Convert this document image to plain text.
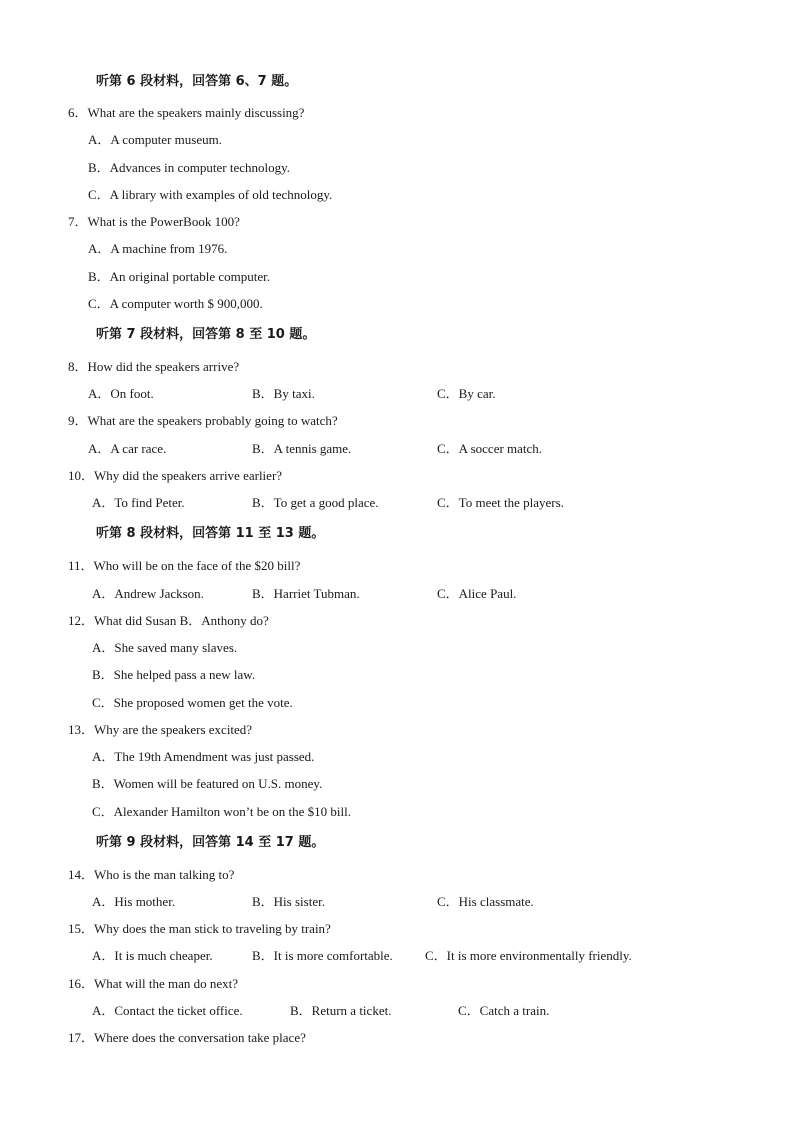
听第 6 段材料，回答第 6、7 题。
6．What are the speakers mainly discussing?
A．A computer museum.
B．Advances in computer technology.
C．A library with examples of old technology.
7．What is the PowerBook 100?
A．A machine from 1976.
B．An original portable computer.
C．A computer worth $ 900,000.
听第 7 段材料，回答第 8 至 10 题。
8．How did the speakers arrive?
A．On foot.	B．By taxi.	C．By car.
9．What are the speakers probably going to watch?
A．A car race.	B．A tennis game.	C．A soccer match.
10．Why did the speakers arrive earlier?
A．To find Peter.	B．To get a good place.	C．To meet the players.
听第 8 段材料，回答第 11 至 13 题。
11．Who will be on the face of the $20 bill?
A．Andrew Jackson.	B．Harriet Tubman.	C．Alice Paul.
12．What did Susan B．Anthony do?
A．She saved many slaves.
B．She helped pass a new law.
C．She proposed women get the vote.
13．Why are the speakers excited?
A．The 19th Amendment was just passed.
B．Women will be featured on U.S. money.
C．Alexander Hamilton won’t be on the $10 bill.
听第 9 段材料，回答第 14 至 17 题。
14．Who is the man talking to?
A．His mother.	B．His sister.	C．His classmate.
15．Why does the man stick to traveling by train?
A．It is much cheaper.	B．It is more comfortable. C．It is more environmentally friendly.
16．What will the man do next?
A．Contact the ticket office.	B．Return a ticket.	C．Catch a train.
17．Where does the conversation take place?
